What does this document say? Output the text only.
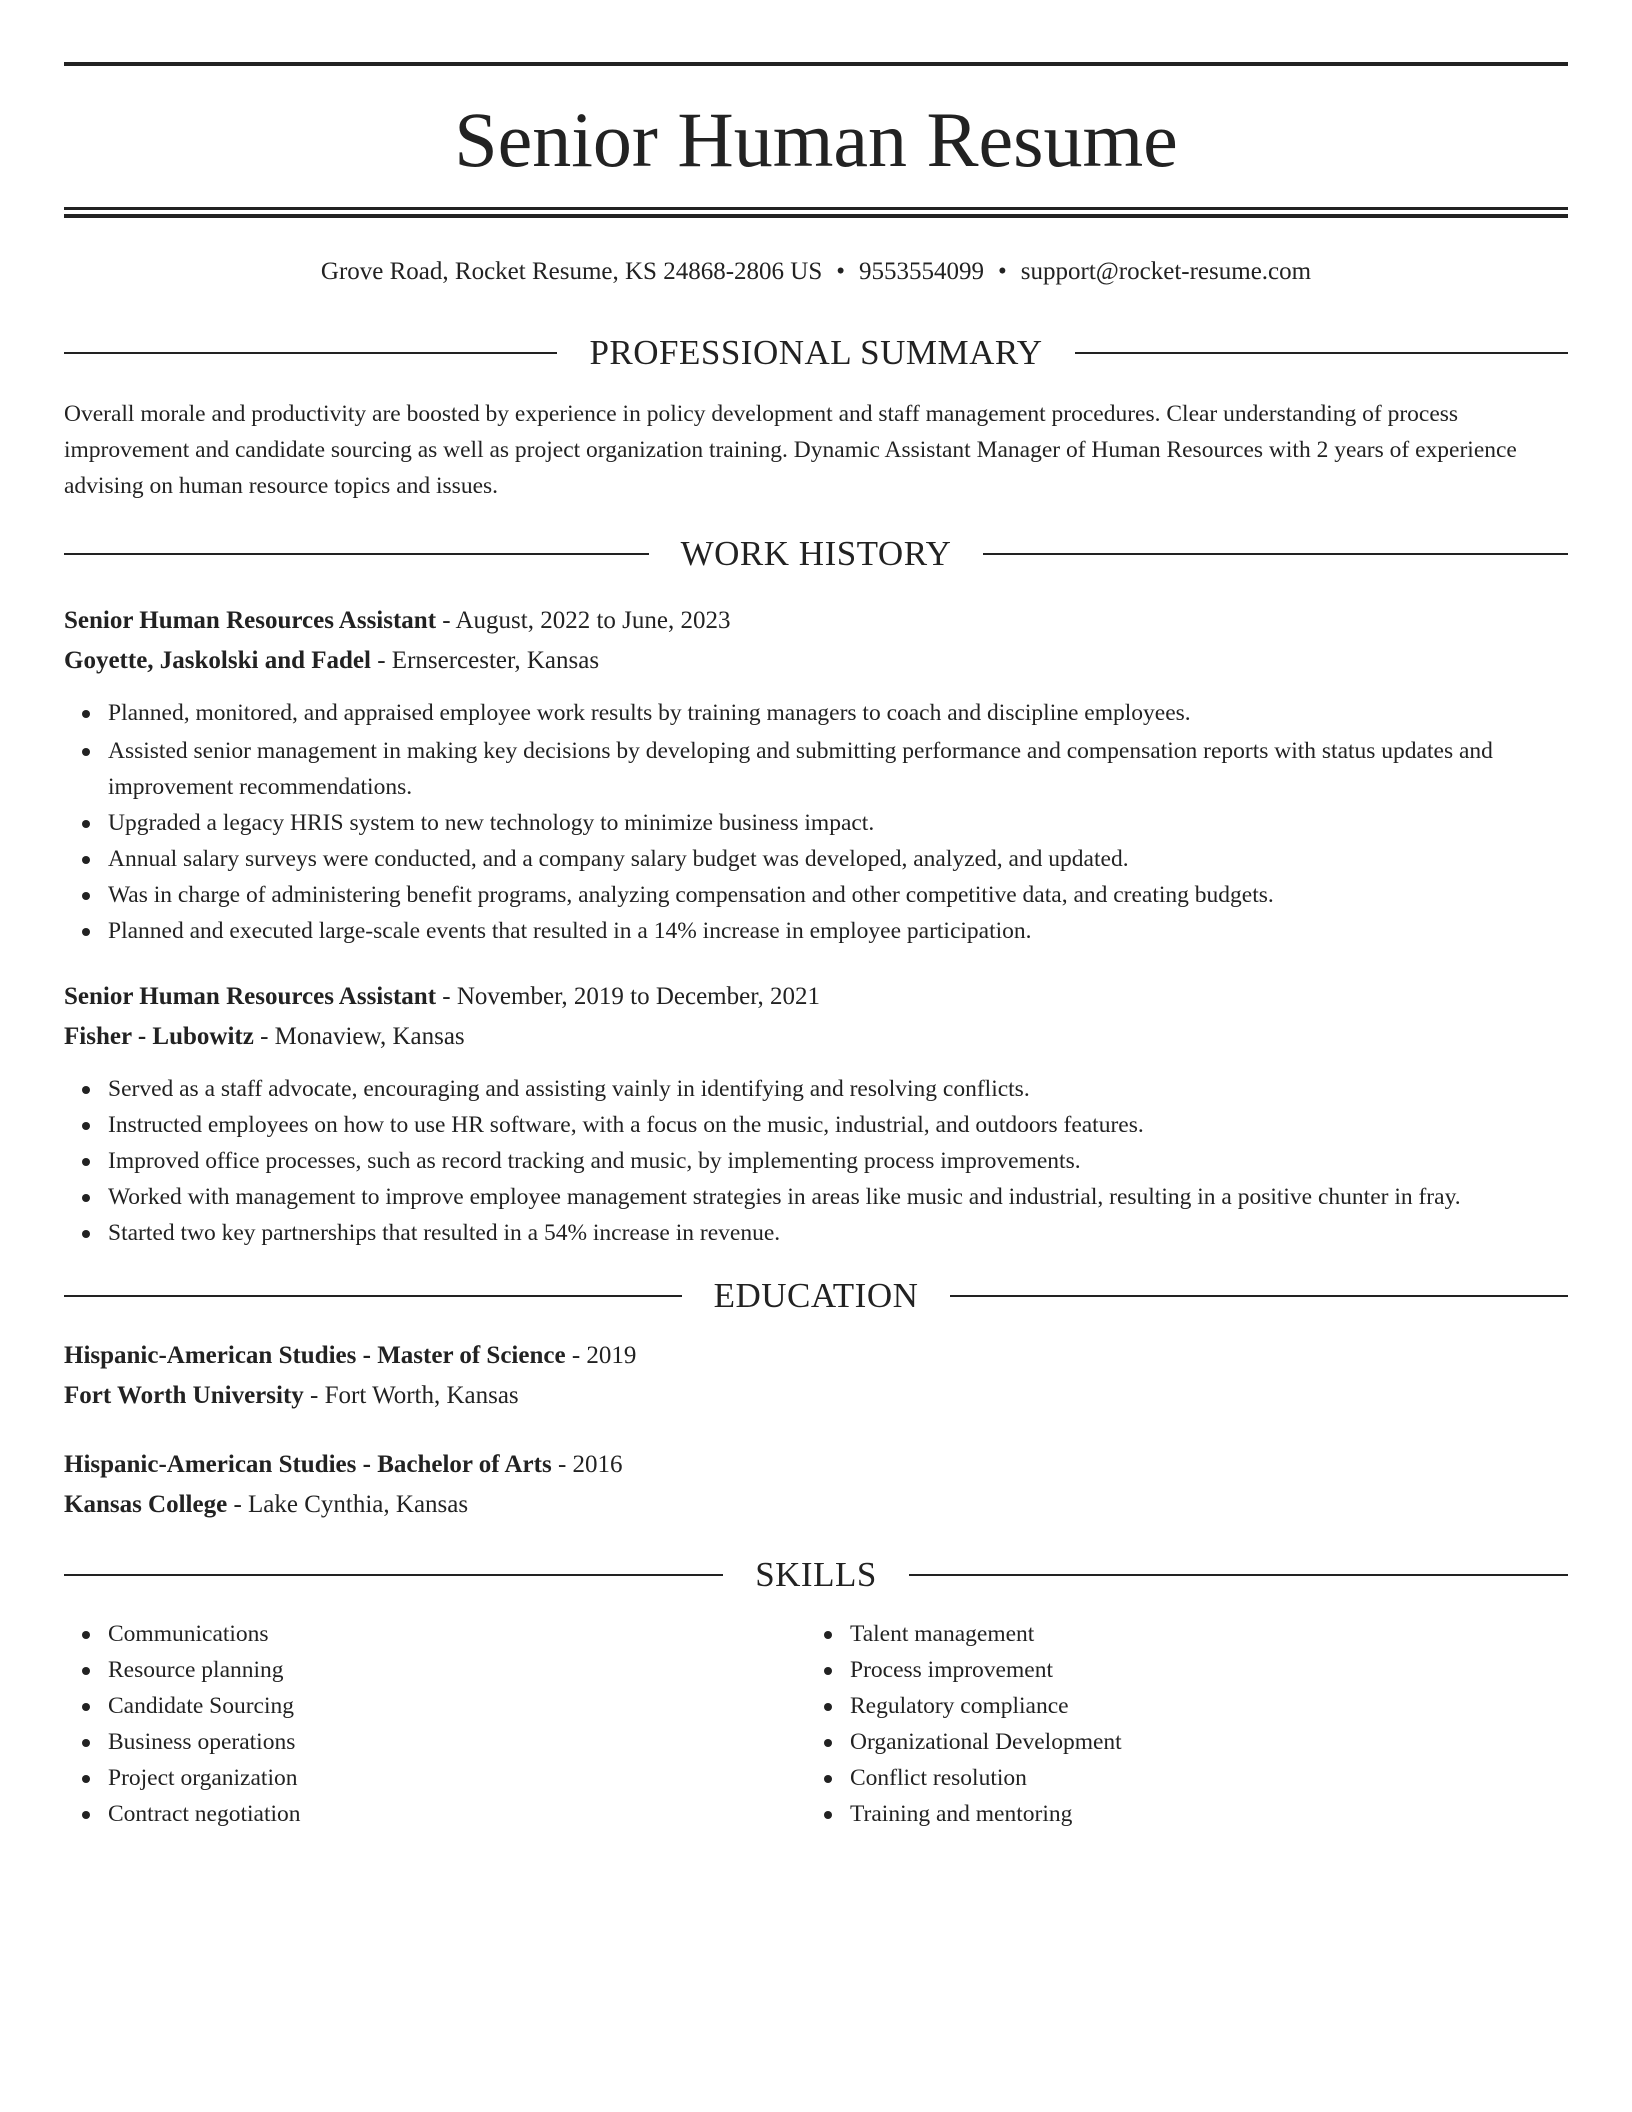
Senior Human Resume
Grove Road, Rocket Resume, KS 24868-2806 US • 9553554099 • support@rocket-resume.com
PROFESSIONAL SUMMARY

Overall morale and productivity are boosted by experience in policy development and staff management procedures. Clear understanding of process improvement and candidate sourcing as well as project organization training. Dynamic Assistant Manager of Human Resources with 2 years of experience advising on human resource topics and issues.

WORK HISTORY
Senior Human Resources Assistant - August, 2022 to June, 2023
Goyette, Jaskolski and Fadel - Ernsercester, Kansas
Planned, monitored, and appraised employee work results by training managers to coach and discipline employees.
Assisted senior management in making key decisions by developing and submitting performance and compensation reports with status updates and improvement recommendations.
Upgraded a legacy HRIS system to new technology to minimize business impact.
Annual salary surveys were conducted, and a company salary budget was developed, analyzed, and updated.
Was in charge of administering benefit programs, analyzing compensation and other competitive data, and creating budgets.
Planned and executed large-scale events that resulted in a 14% increase in employee participation.
Senior Human Resources Assistant - November, 2019 to December, 2021
Fisher - Lubowitz - Monaview, Kansas
Served as a staff advocate, encouraging and assisting vainly in identifying and resolving conflicts.
Instructed employees on how to use HR software, with a focus on the music, industrial, and outdoors features.
Improved office processes, such as record tracking and music, by implementing process improvements.
Worked with management to improve employee management strategies in areas like music and industrial, resulting in a positive chunter in fray.
Started two key partnerships that resulted in a 54% increase in revenue.
EDUCATION
Hispanic-American Studies - Master of Science - 2019
Fort Worth University - Fort Worth, Kansas
Hispanic-American Studies - Bachelor of Arts - 2016
Kansas College - Lake Cynthia, Kansas
SKILLS
Communications
Resource planning
Candidate Sourcing
Business operations
Project organization
Contract negotiation
Talent management
Process improvement
Regulatory compliance
Organizational Development
Conflict resolution
Training and mentoring
